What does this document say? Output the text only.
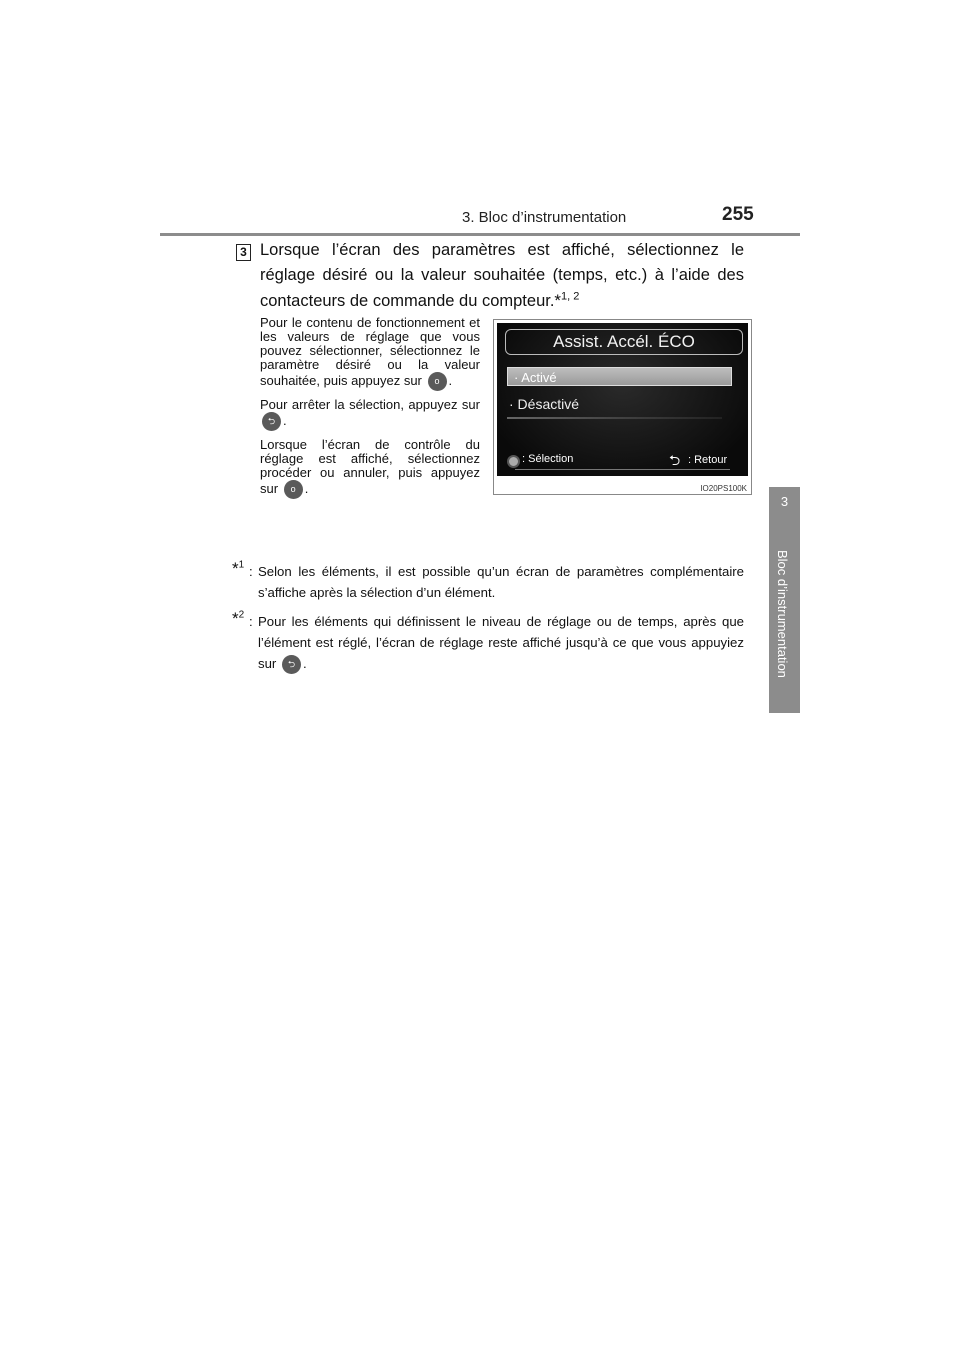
3. Bloc d’instrumentation	255
3
Bloc d’instrumentation
3 Lorsque l’écran des paramètres est affiché, sélectionnez le réglage désiré ou la valeur souhaitée (temps, etc.) à l’aide des contacteurs de commande du compteur.*$^{1, 2}$

Pour le contenu de fonctionnement et les valeurs de réglage que vous pouvez sélectionner, sélectionnez le paramètre désiré ou la valeur souhaitée, puis appuyez sur o .

Pour arrêter la sélection, appuyez sur ⮌ .

Lorsque l’écran de contrôle du réglage est affiché, sélectionnez procéder ou annuler, puis appuyez sur o .

Assist. Accél. ÉCO
· Activé
· Désactivé
: Sélection	⮌ : Retour
IO20PS100K
*$^1$ : Selon les éléments, il est possible qu’un écran de paramètres complémentaire s’affiche après la sélection d’un élément.
*$^2$ : Pour les éléments qui définissent le niveau de réglage ou de temps, après que l’élément est réglé, l’écran de réglage reste affiché jusqu’à ce que vous appuyiez sur ⮌ .
